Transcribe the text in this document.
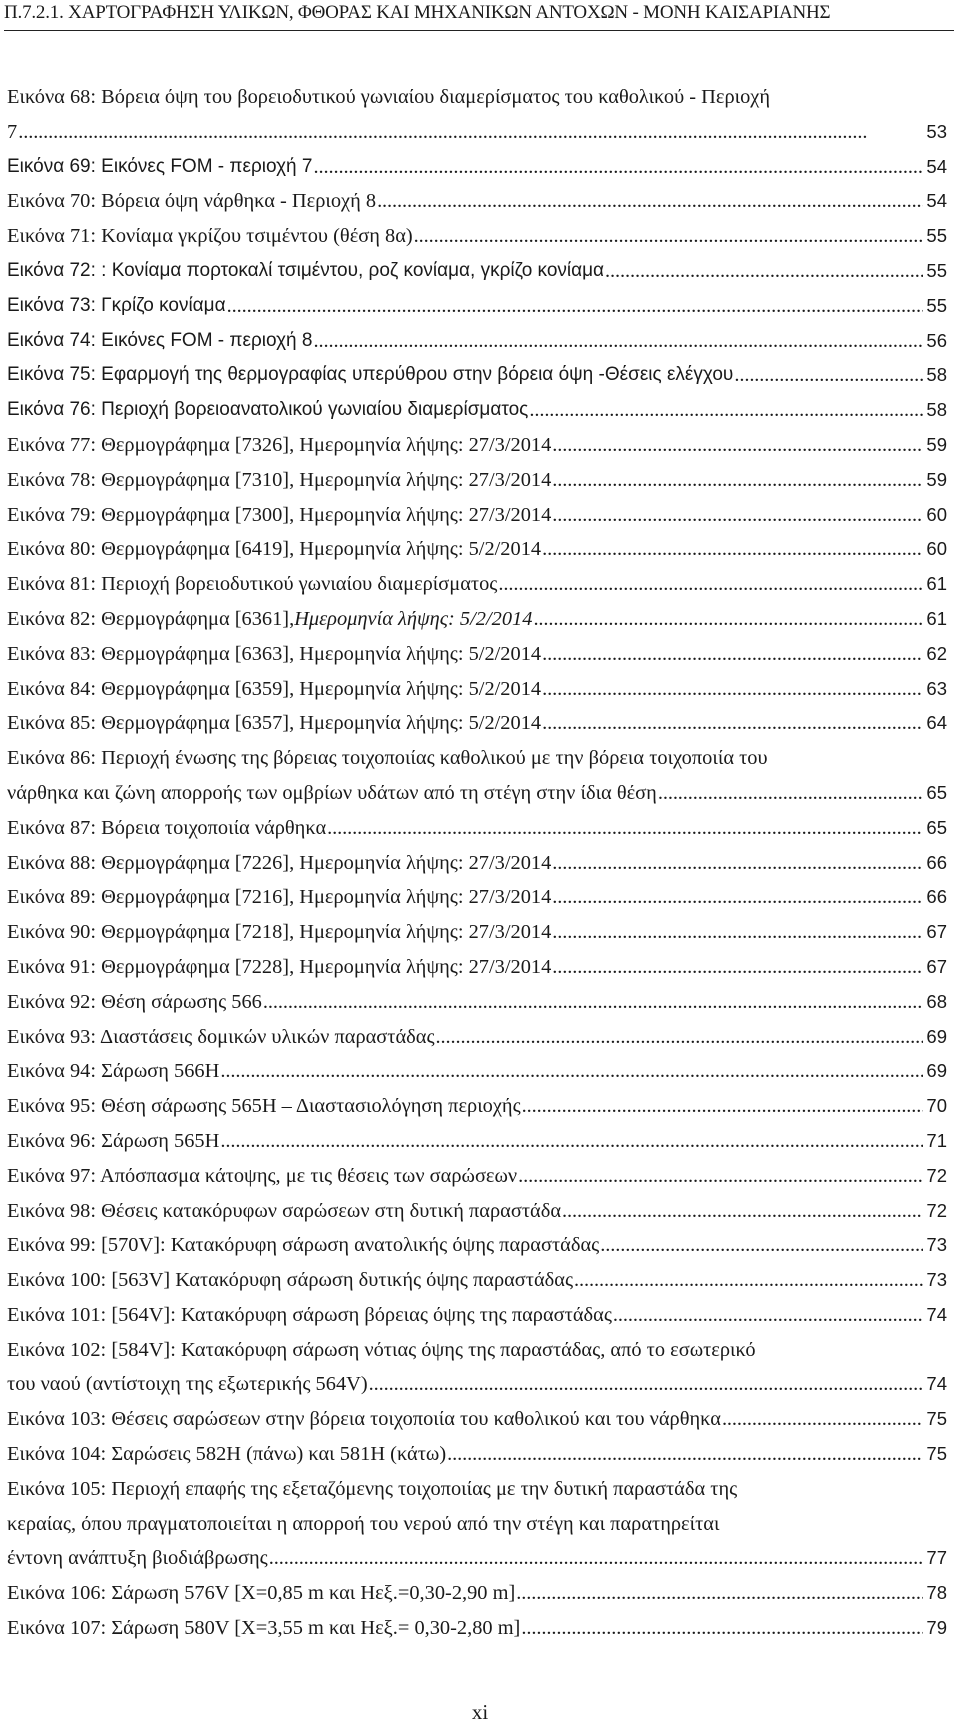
Π.7.2.1. ΧΑΡΤΟΓΡΑΦΗΣΗ ΥΛΙΚΩΝ, ΦΘΟΡΑΣ ΚΑΙ ΜΗΧΑΝΙΚΩΝ ΑΝΤΟΧΩΝ - ΜΟΝΗ ΚΑΙΣΑΡΙΑΝΗΣ
Εικόνα 68: Βόρεια όψη του βορειοδυτικού γωνιαίου διαμερίσματος του καθολικού - Περιοχή
7 . . .	53
Εικόνα 69: Εικόνες FOM - περιοχή 7 . . .	54
Εικόνα 70: Βόρεια όψη νάρθηκα - Περιοχή 8 . . .	54
Εικόνα 71: Κονίαμα γκρίζου τσιμέντου (θέση 8α) . . .	55
Εικόνα 72: : Κονίαμα πορτοκαλί τσιμέντου, ροζ κονίαμα, γκρίζο κονίαμα . . .	55
Εικόνα 73: Γκρίζο κονίαμα . . .	55
Εικόνα 74: Εικόνες FOM - περιοχή 8 . . .	56
Εικόνα 75: Εφαρμογή της θερμογραφίας υπερύθρου στην βόρεια όψη -Θέσεις ελέγχου . . .	58
Εικόνα 76: Περιοχή βορειοανατολικού γωνιαίου διαμερίσματος . . .	58
Εικόνα 77: Θερμογράφημα [7326], Ημερομηνία λήψης: 27/3/2014 . . .	59
Εικόνα 78: Θερμογράφημα [7310], Ημερομηνία λήψης: 27/3/2014 . . .	59
Εικόνα 79: Θερμογράφημα [7300], Ημερομηνία λήψης: 27/3/2014 . . .	60
Εικόνα 80: Θερμογράφημα [6419], Ημερομηνία λήψης: 5/2/2014 . . .	60
Εικόνα 81: Περιοχή βορειοδυτικού γωνιαίου διαμερίσματος . . .	61
Εικόνα 82: Θερμογράφημα [6361], Ημερομηνία λήψης: 5/2/2014 . . .	61
Εικόνα 83: Θερμογράφημα [6363], Ημερομηνία λήψης: 5/2/2014 . . .	62
Εικόνα 84: Θερμογράφημα [6359], Ημερομηνία λήψης: 5/2/2014 . . .	63
Εικόνα 85: Θερμογράφημα [6357], Ημερομηνία λήψης: 5/2/2014 . . .	64
Εικόνα 86: Περιοχή ένωσης της βόρειας τοιχοποιίας καθολικού με την βόρεια τοιχοποιία του
νάρθηκα και ζώνη απορροής των ομβρίων υδάτων από τη στέγη στην ίδια θέση . . .	65
Εικόνα 87: Βόρεια τοιχοποιία νάρθηκα . . .	65
Εικόνα 88: Θερμογράφημα [7226], Ημερομηνία λήψης: 27/3/2014 . . .	66
Εικόνα 89: Θερμογράφημα [7216], Ημερομηνία λήψης: 27/3/2014 . . .	66
Εικόνα 90: Θερμογράφημα [7218], Ημερομηνία λήψης: 27/3/2014 . . .	67
Εικόνα 91: Θερμογράφημα [7228], Ημερομηνία λήψης: 27/3/2014 . . .	67
Εικόνα 92: Θέση σάρωσης 566 . . .	68
Εικόνα 93: Διαστάσεις δομικών υλικών παραστάδας . . .	69
Εικόνα 94: Σάρωση 566Η . . .	69
Εικόνα 95: Θέση σάρωσης 565Η – Διαστασιολόγηση περιοχής . . .	70
Εικόνα 96: Σάρωση 565Η . . .	71
Εικόνα 97: Απόσπασμα κάτοψης, με τις θέσεις των σαρώσεων . . .	72
Εικόνα 98: Θέσεις κατακόρυφων σαρώσεων στη δυτική παραστάδα . . .	72
Εικόνα 99: [570V]: Κατακόρυφη σάρωση ανατολικής όψης παραστάδας . . .	73
Εικόνα 100: [563V] Κατακόρυφη σάρωση δυτικής όψης παραστάδας . . .	73
Εικόνα 101: [564V]: Κατακόρυφη σάρωση βόρειας όψης της παραστάδας . . .	74
Εικόνα 102: [584V]: Κατακόρυφη σάρωση νότιας όψης της παραστάδας, από το εσωτερικό
του ναού (αντίστοιχη της εξωτερικής 564V) . . .	74
Εικόνα 103: Θέσεις σαρώσεων στην βόρεια τοιχοποιία του καθολικού και του νάρθηκα . . .	75
Εικόνα 104: Σαρώσεις 582Η (πάνω) και 581Η (κάτω) . . .	75
Εικόνα 105: Περιοχή επαφής της εξεταζόμενης τοιχοποιίας με την δυτική παραστάδα της
κεραίας, όπου πραγματοποιείται η απορροή του νερού από την στέγη και παρατηρείται
έντονη ανάπτυξη βιοδιάβρωσης . . .	77
Εικόνα 106: Σάρωση 576V [X=0,85 m και Hεξ.=0,30-2,90 m] . . .	78
Εικόνα 107: Σάρωση 580V [X=3,55 m και Hεξ.= 0,30-2,80 m] . . .	79
xi
